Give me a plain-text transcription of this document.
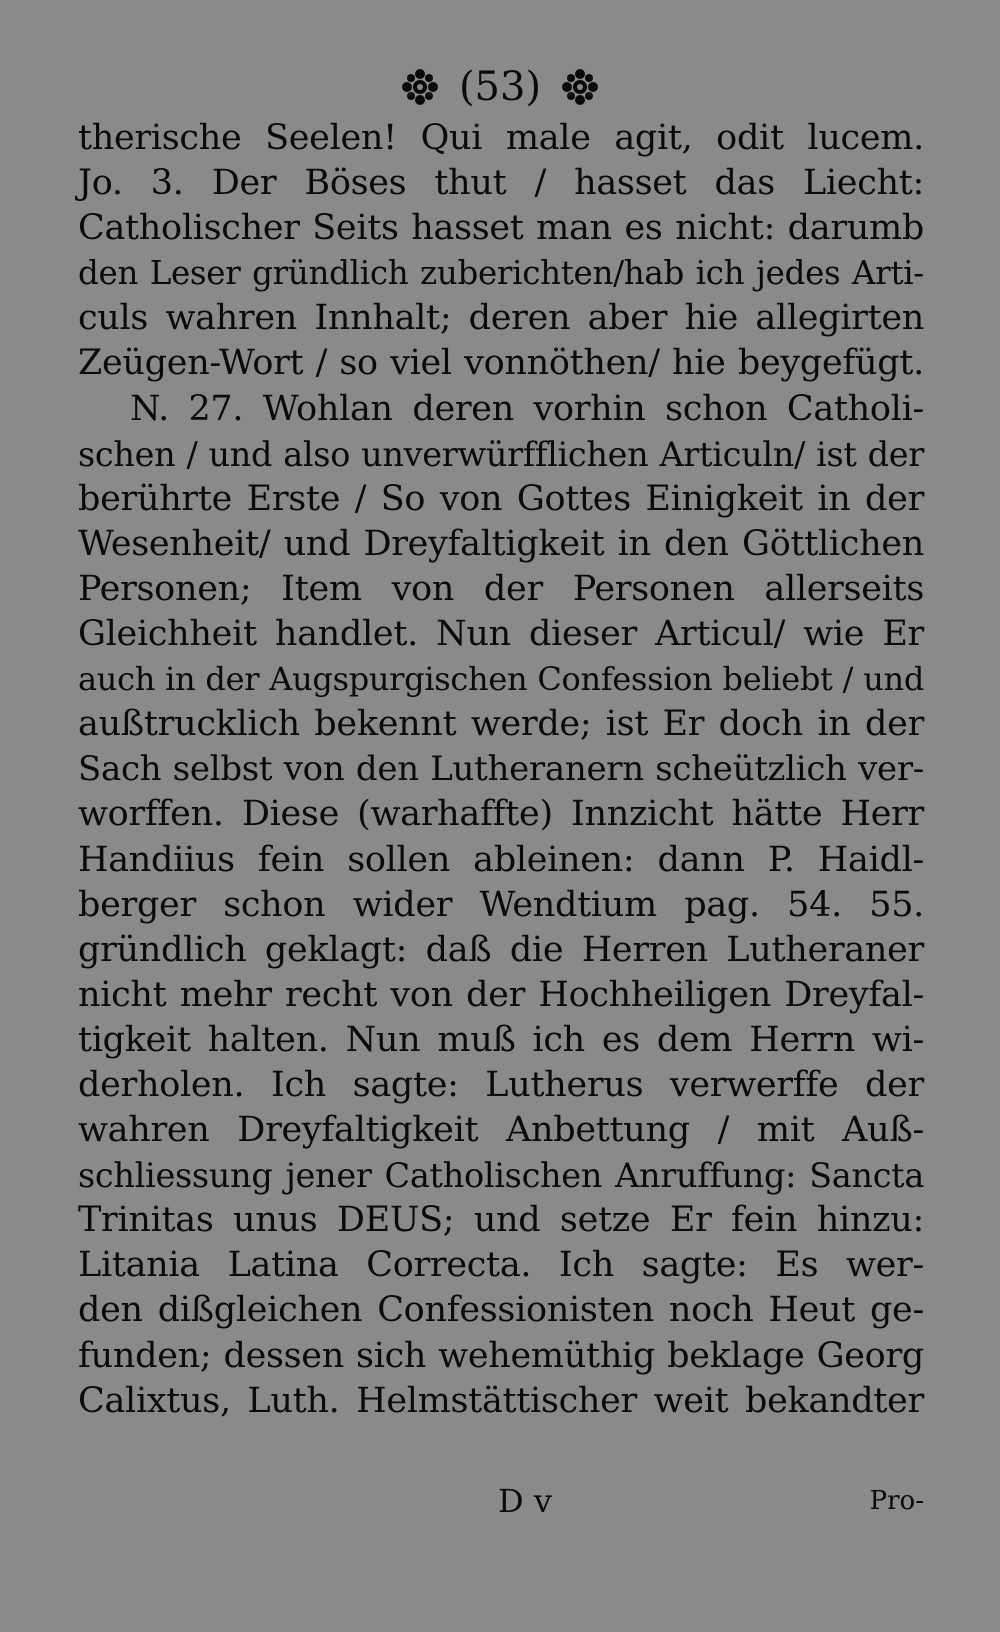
(53)
therische Seelen! Qui male agit, odit lucem.
Jo. 3. Der Böses thut / hasset das Liecht:
Catholischer Seits hasset man es nicht: darumb
den Leser gründlich zuberichten/hab ich jedes Arti-
culs wahren Innhalt; deren aber hie allegirten
Zeügen-Wort / so viel vonnöthen/ hie beygefügt.
N. 27. Wohlan deren vorhin schon Catholi-
schen / und also unverwürfflichen Articuln/ ist der
berührte Erste / So von Gottes Einigkeit in der
Wesenheit/ und Dreyfaltigkeit in den Göttlichen
Personen; Item von der Personen allerseits
Gleichheit handlet. Nun dieser Articul/ wie Er
auch in der Augspurgischen Confession beliebt / und
außtrucklich bekennt werde; ist Er doch in der
Sach selbst von den Lutheranern scheützlich ver-
worffen. Diese (warhaffte) Innzicht hätte Herr
Handiius fein sollen ableinen: dann P. Haidl-
berger schon wider Wendtium pag. 54. 55.
gründlich geklagt: daß die Herren Lutheraner
nicht mehr recht von der Hochheiligen Dreyfal-
tigkeit halten. Nun muß ich es dem Herrn wi-
derholen. Ich sagte: Lutherus verwerffe der
wahren Dreyfaltigkeit Anbettung / mit Auß-
schliessung jener Catholischen Anruffung: Sancta
Trinitas unus DEUS; und setze Er fein hinzu:
Litania Latina Correcta. Ich sagte: Es wer-
den dißgleichen Confessionisten noch Heut ge-
funden; dessen sich wehemüthig beklage Georg
Calixtus, Luth. Helmstättischer weit bekandter
D v	Pro-
